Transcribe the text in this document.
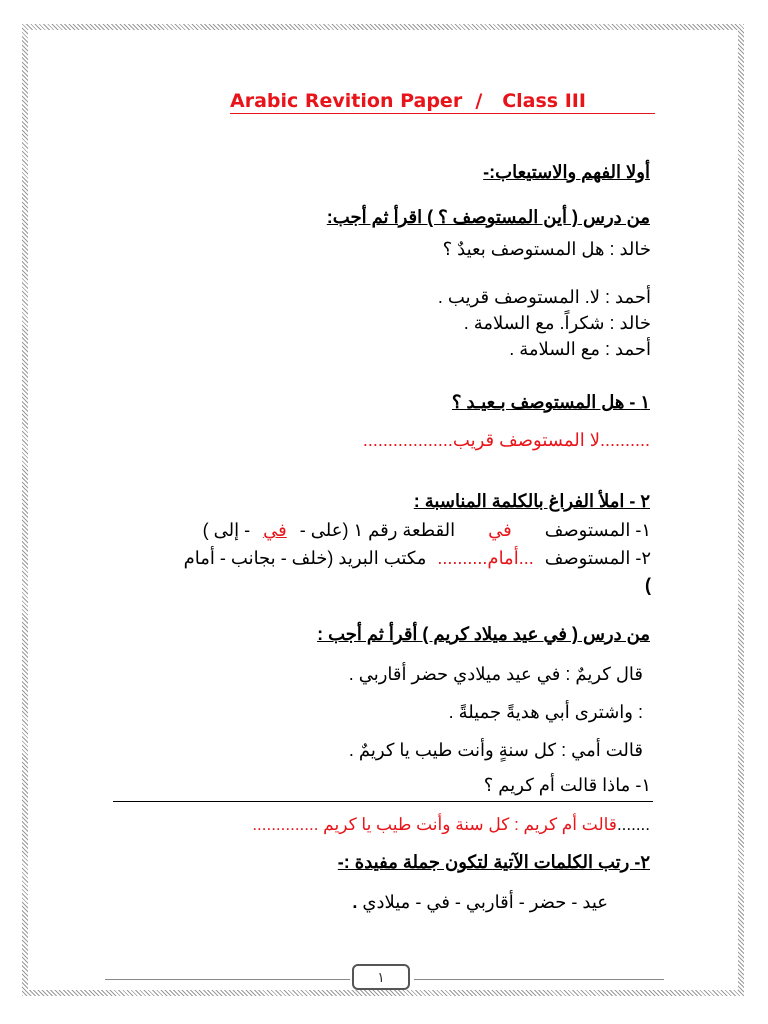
Arabic Revition Paper  /   Class III
أولا الفهم والاستيعاب:-
من درس ( أين المستوصف ؟ ) اقرأ ثم أجب:
خالد : هل المستوصف بعيدٌ ؟
أحمد : لا. المستوصف قريب .
خالد : شكراً. مع السلامة .
أحمد : مع السلامة .
١ - هل المستوصف بـعيـد ؟
..........لا المستوصف قريب..................
٢ - املأ الفراغ بالكلمة المناسبة :
١- المستوصف في القطعة رقم ١ (على - في - إلى )
٢- المستوصف ...أمام.......... مكتب البريد (خلف - بجانب - أمام
)
من درس ( في عيد ميلاد كريم ) أقرأ ثم أجب :
قال كريمٌ : في عيد ميلادي حضر أقاربي .
: واشترى أبي هديةً جميلةً .
قالت أمي : كل سنةٍ وأنت طيب يا كريمٌ .
١- ماذا قالت أم كريم ؟
.......قالت أم كريم : كل سنة وأنت طيب يا كريم ..............
٢- رتب الكلمات الآتية لتكون جملة مفيدة :-
عيد - حضر - أقاربي - في - ميلادي .
١
